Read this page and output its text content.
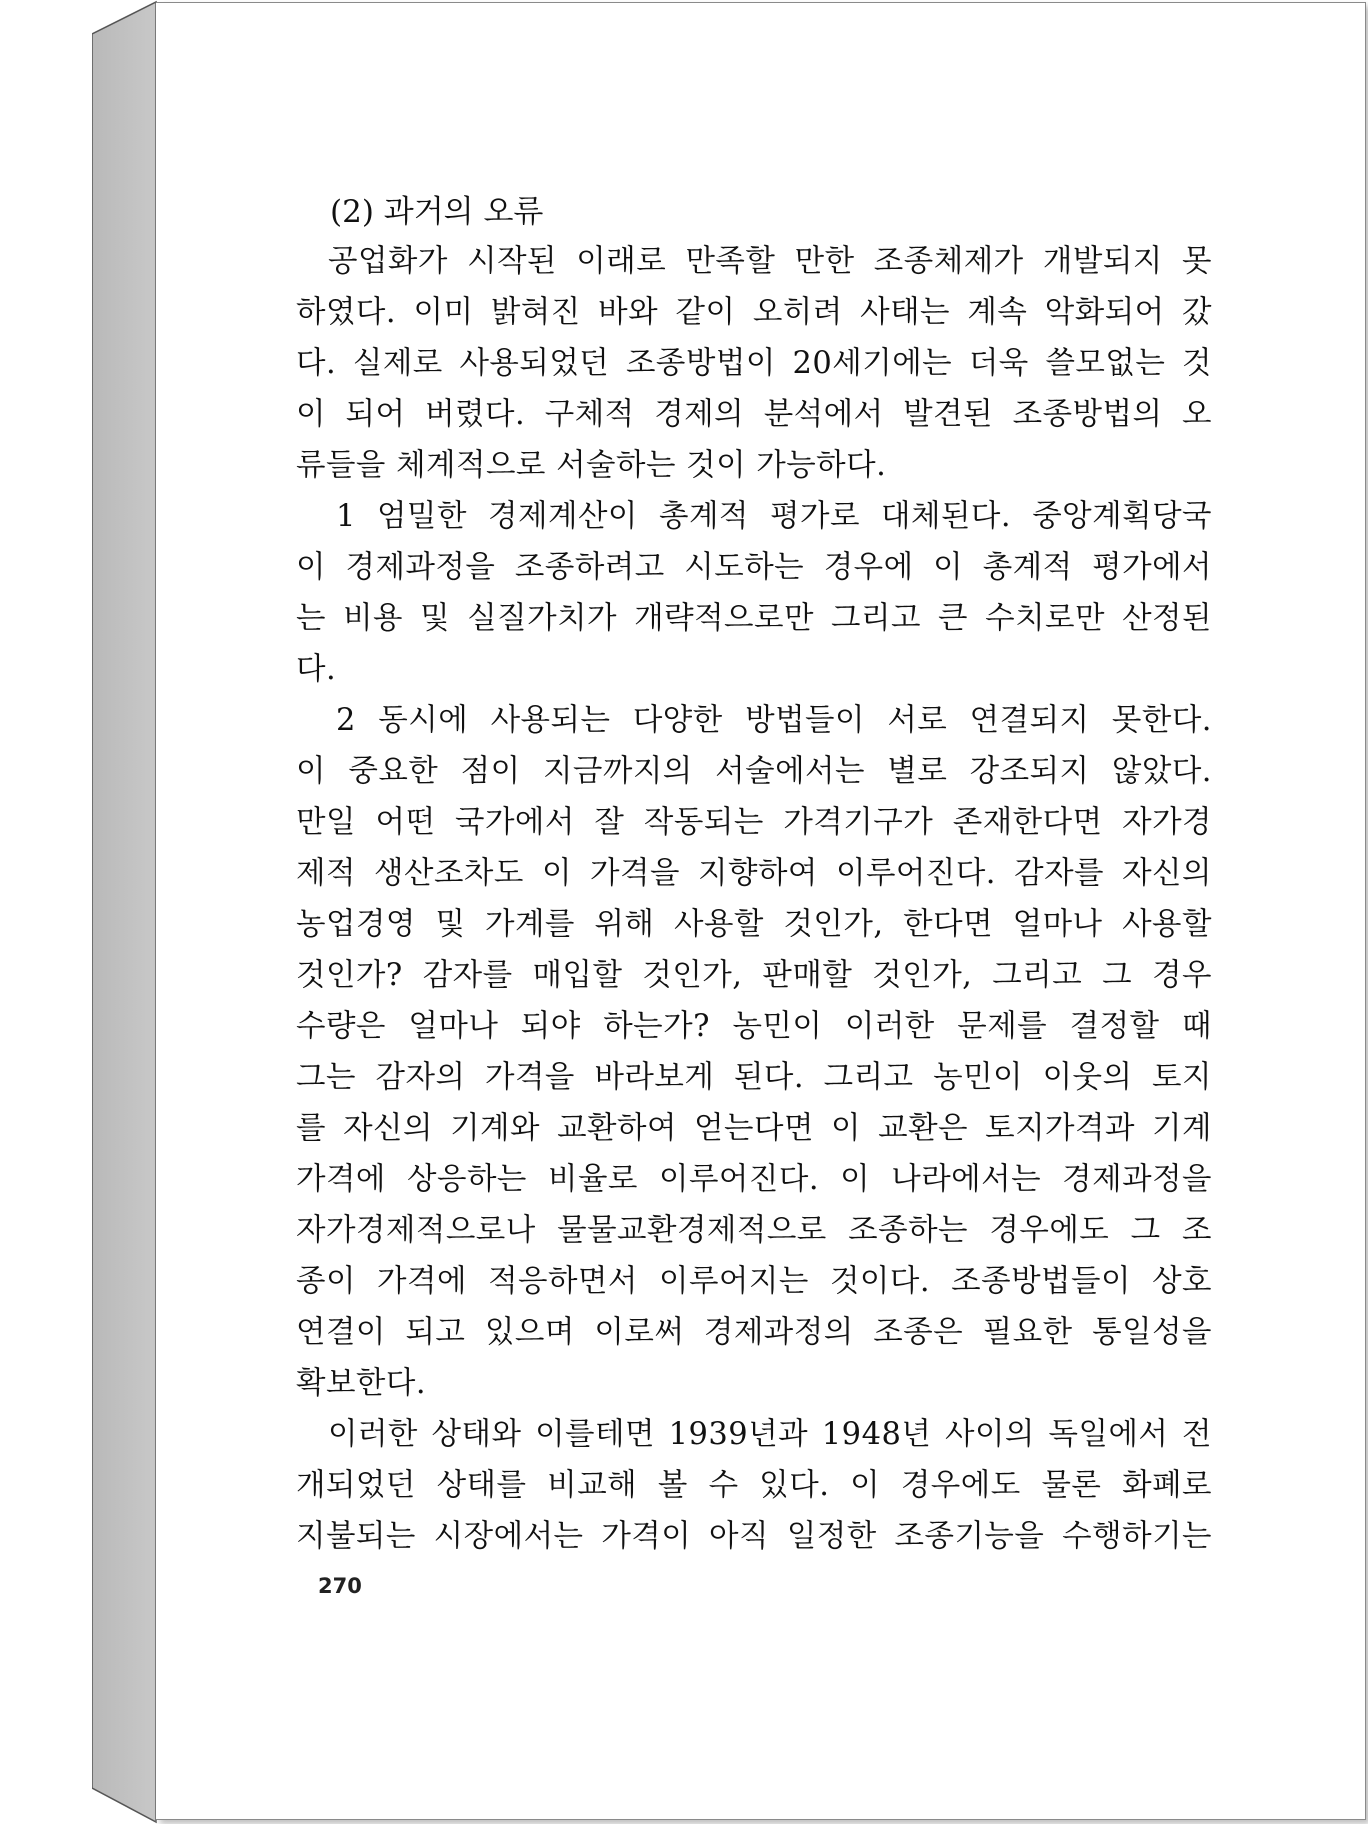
(2) 과거의 오류
공업화가 시작된 이래로 만족할 만한 조종체제가 개발되지 못
하였다. 이미 밝혀진 바와 같이 오히려 사태는 계속 악화되어 갔
다. 실제로 사용되었던 조종방법이 20세기에는 더욱 쓸모없는 것
이 되어 버렸다. 구체적 경제의 분석에서 발견된 조종방법의 오
류들을 체계적으로 서술하는 것이 가능하다.
1 엄밀한 경제계산이 총계적 평가로 대체된다. 중앙계획당국
이 경제과정을 조종하려고 시도하는 경우에 이 총계적 평가에서
는 비용 및 실질가치가 개략적으로만 그리고 큰 수치로만 산정된
다.
2 동시에 사용되는 다양한 방법들이 서로 연결되지 못한다.
이 중요한 점이 지금까지의 서술에서는 별로 강조되지 않았다.
만일 어떤 국가에서 잘 작동되는 가격기구가 존재한다면 자가경
제적 생산조차도 이 가격을 지향하여 이루어진다. 감자를 자신의
농업경영 및 가계를 위해 사용할 것인가, 한다면 얼마나 사용할
것인가? 감자를 매입할 것인가, 판매할 것인가, 그리고 그 경우
수량은 얼마나 되야 하는가? 농민이 이러한 문제를 결정할 때
그는 감자의 가격을 바라보게 된다. 그리고 농민이 이웃의 토지
를 자신의 기계와 교환하여 얻는다면 이 교환은 토지가격과 기계
가격에 상응하는 비율로 이루어진다. 이 나라에서는 경제과정을
자가경제적으로나 물물교환경제적으로 조종하는 경우에도 그 조
종이 가격에 적응하면서 이루어지는 것이다. 조종방법들이 상호
연결이 되고 있으며 이로써 경제과정의 조종은 필요한 통일성을
확보한다.
이러한 상태와 이를테면 1939년과 1948년 사이의 독일에서 전
개되었던 상태를 비교해 볼 수 있다. 이 경우에도 물론 화폐로
지불되는 시장에서는 가격이 아직 일정한 조종기능을 수행하기는
270
